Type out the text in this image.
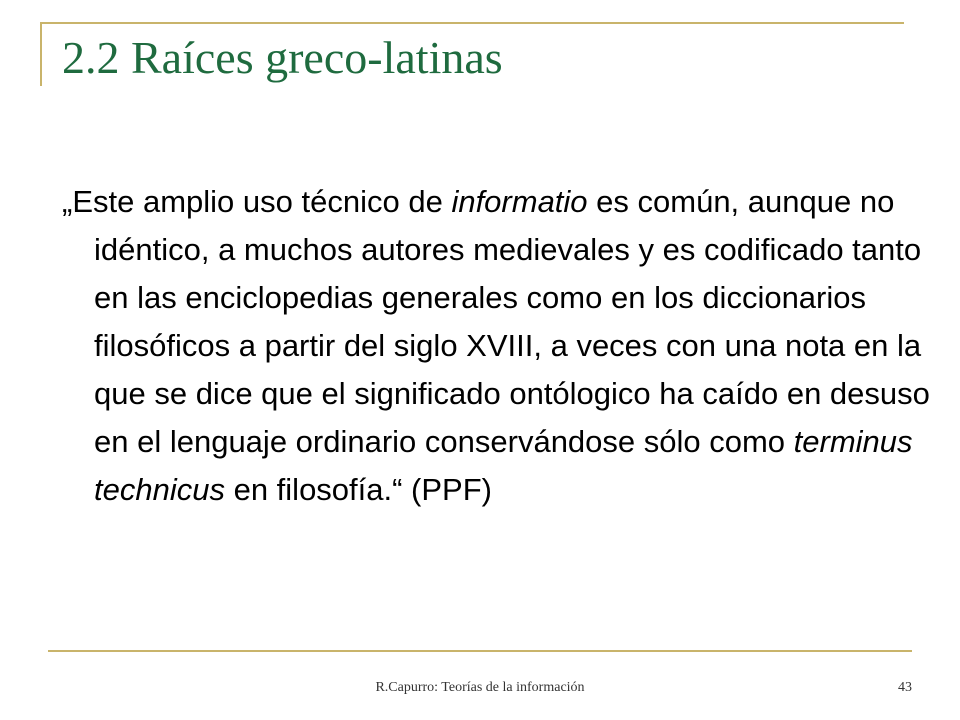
2.2 Raíces greco-latinas

„Este amplio uso técnico de informatio es común, aunque no idéntico, a muchos autores medievales y es codificado tanto en las enciclopedias generales como en los diccionarios filosóficos a partir del siglo XVIII, a veces con una nota en la que se dice que el significado ontólogico ha caído en desuso en el lenguaje ordinario conservándose sólo como terminus technicus en filosofía.“ (PPF)

R.Capurro: Teorías de la información	43
